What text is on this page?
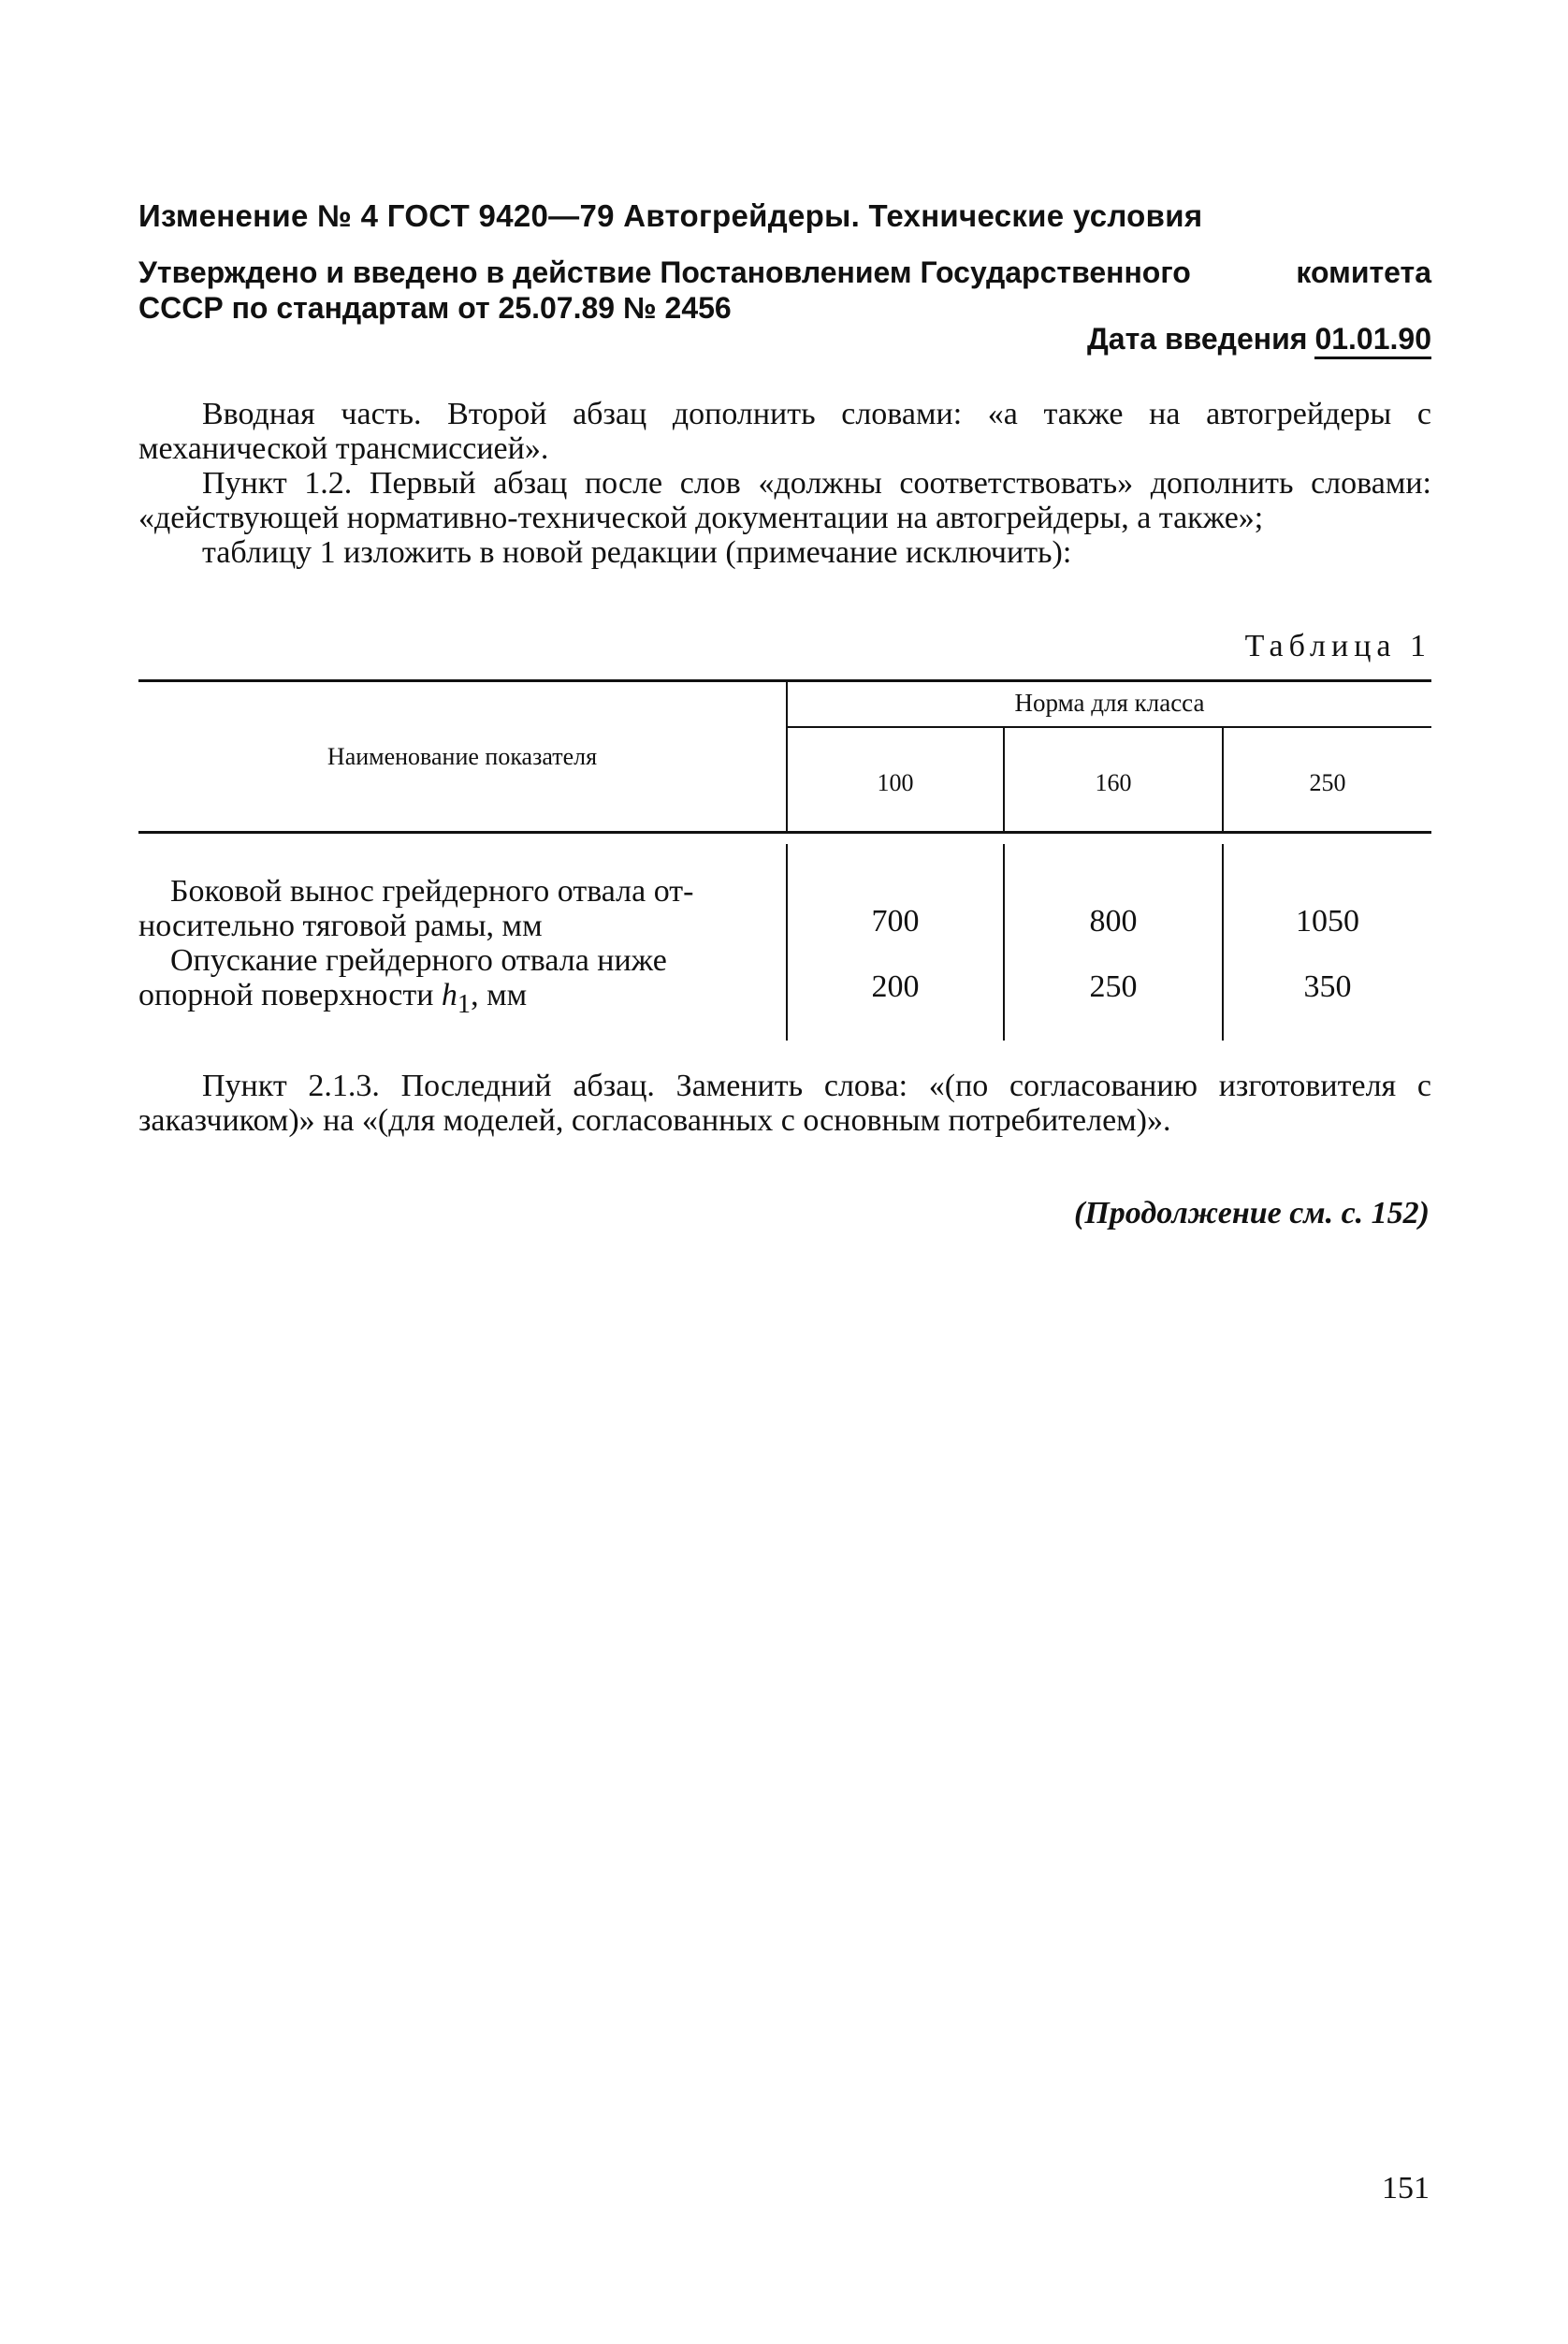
Изменение № 4 ГОСТ 9420—79 Автогрейдеры. Технические условия
Утверждено и введено в действие Постановлением Государственного	комитета
СССР по стандартам от 25.07.89 № 2456
Дата введения 01.01.90

Вводная часть. Второй абзац дополнить словами: «а также на автогрейдеры с механической трансмиссией».

Пункт 1.2. Первый абзац после слов «должны соответствовать» дополнить словами: «действующей нормативно-технической документации на автогрейдеры, а также»;

таблицу 1 изложить в новой редакции (примечание исключить):

Таблица 1
Наименование показателя
Норма для класса
100	160	250
Боковой вынос грейдерного отвала от-
носительно тяговой рамы, мм	700	800	1050
Опускание грейдерного отвала ниже
опорной поверхности $h_1$, мм	200	250	350

Пункт 2.1.3. Последний абзац. Заменить слова: «(по согласованию изготовителя с заказчиком)» на «(для моделей, согласованных с основным потребителем)».

(Продолжение см. с. 152)
151
